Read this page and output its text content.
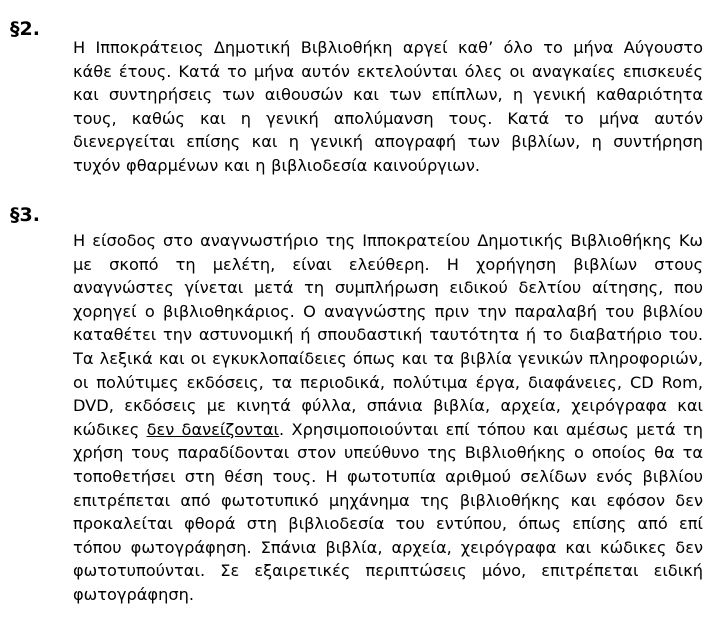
§2.

Η Ιπποκράτειος Δημοτική Βιβλιοθήκη αργεί καθ’ όλο το μήνα Αύγουστο κάθε έτους. Κατά το μήνα αυτόν εκτελούνται όλες οι αναγκαίες επισκευές και συντηρήσεις των αιθουσών και των επίπλων, η γενική καθαριότητα τους, καθώς και η γενική απολύμανση τους. Κατά το μήνα αυτόν διενεργείται επίσης και η γενική απογραφή των βιβλίων, η συντήρηση τυχόν φθαρμένων και η βιβλιοδεσία καινούργιων.

§3.

Η είσοδος στο αναγνωστήριο της Ιπποκρατείου Δημοτικής Βιβλιοθήκης Κω με σκοπό τη μελέτη, είναι ελεύθερη. Η χορήγηση βιβλίων στους αναγνώστες γίνεται μετά τη συμπλήρωση ειδικού δελτίου αίτησης, που χορηγεί ο βιβλιοθηκάριος. Ο αναγνώστης πριν την παραλαβή του βιβλίου καταθέτει την αστυνομική ή σπουδαστική ταυτότητα ή το διαβατήριο του. Τα λεξικά και οι εγκυκλοπαίδειες όπως και τα βιβλία γενικών πληροφοριών, οι πολύτιμες εκδόσεις, τα περιοδικά, πολύτιμα έργα, διαφάνειες, CD Rom, DVD, εκδόσεις με κινητά φύλλα, σπάνια βιβλία, αρχεία, χειρόγραφα και κώδικες δεν δανείζονται. Χρησιμοποιούνται επί τόπου και αμέσως μετά τη χρήση τους παραδίδονται στον υπεύθυνο της Βιβλιοθήκης ο οποίος θα τα τοποθετήσει στη θέση τους. Η φωτοτυπία αριθμού σελίδων ενός βιβλίου επιτρέπεται από φωτοτυπικό μηχάνημα της βιβλιοθήκης και εφόσον δεν προκαλείται φθορά στη βιβλιοδεσία του εντύπου, όπως επίσης από επί τόπου φωτογράφηση. Σπάνια βιβλία, αρχεία, χειρόγραφα και κώδικες δεν φωτοτυπούνται. Σε εξαιρετικές περιπτώσεις μόνο, επιτρέπεται ειδική φωτογράφηση.
